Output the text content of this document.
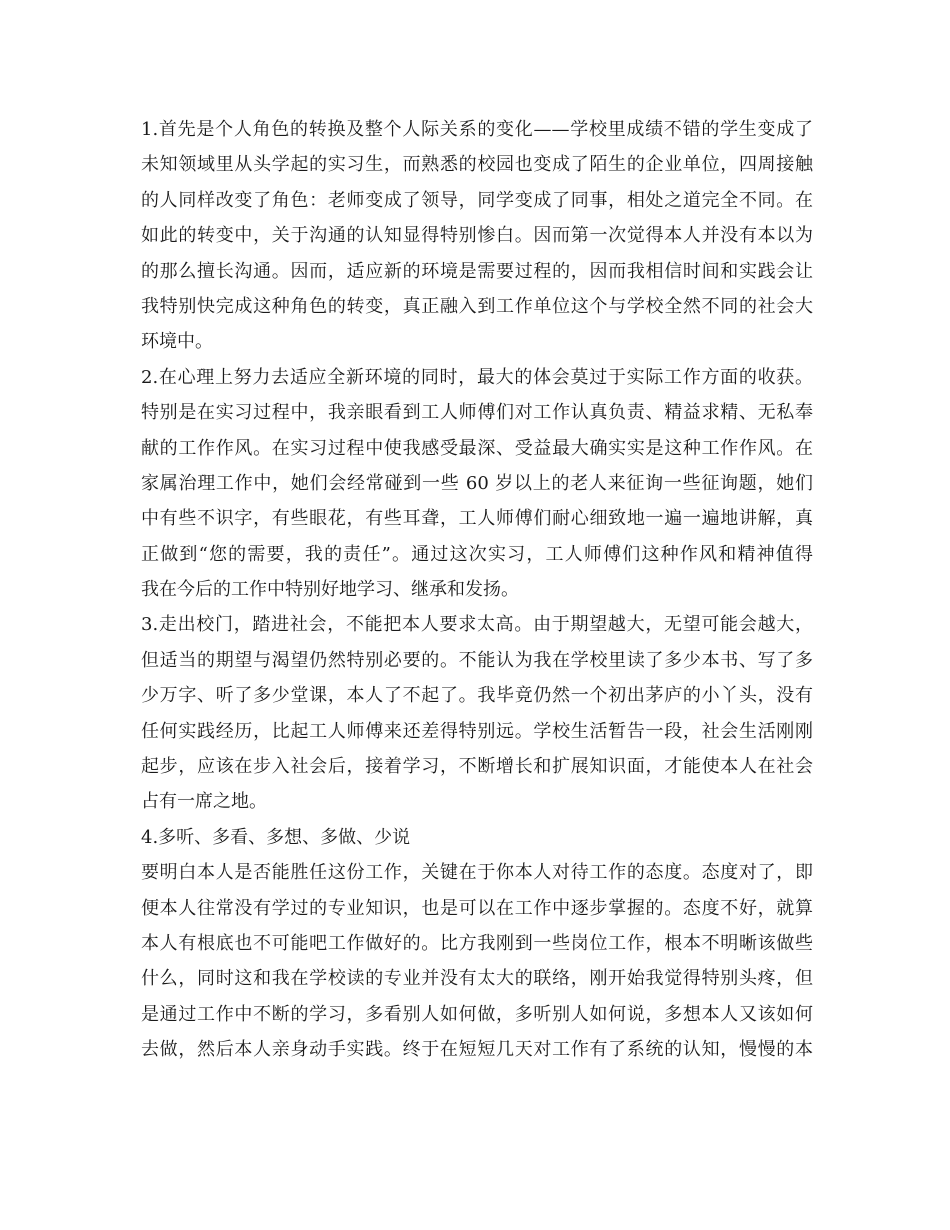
1.首先是个人角色的转换及整个人际关系的变化——学校里成绩不错的学生变成了
未知领域里从头学起的实习生，而熟悉的校园也变成了陌生的企业单位，四周接触
的人同样改变了角色：老师变成了领导，同学变成了同事，相处之道完全不同。在
如此的转变中，关于沟通的认知显得特别惨白。因而第一次觉得本人并没有本以为
的那么擅长沟通。因而，适应新的环境是需要过程的，因而我相信时间和实践会让
我特别快完成这种角色的转变，真正融入到工作单位这个与学校全然不同的社会大
环境中。
2.在心理上努力去适应全新环境的同时，最大的体会莫过于实际工作方面的收获。
特别是在实习过程中，我亲眼看到工人师傅们对工作认真负责、精益求精、无私奉
献的工作作风。在实习过程中使我感受最深、受益最大确实实是这种工作作风。在
家属治理工作中，她们会经常碰到一些 60 岁以上的老人来征询一些征询题，她们
中有些不识字，有些眼花，有些耳聋，工人师傅们耐心细致地一遍一遍地讲解，真
正做到“您的需要，我的责任”。通过这次实习，工人师傅们这种作风和精神值得
我在今后的工作中特别好地学习、继承和发扬。
3.走出校门，踏进社会，不能把本人要求太高。由于期望越大，无望可能会越大，
但适当的期望与渴望仍然特别必要的。不能认为我在学校里读了多少本书、写了多
少万字、听了多少堂课，本人了不起了。我毕竟仍然一个初出茅庐的小丫头，没有
任何实践经历，比起工人师傅来还差得特别远。学校生活暂告一段，社会生活刚刚
起步，应该在步入社会后，接着学习，不断增长和扩展知识面，才能使本人在社会
占有一席之地。
4.多听、多看、多想、多做、少说
要明白本人是否能胜任这份工作，关键在于你本人对待工作的态度。态度对了，即
便本人往常没有学过的专业知识，也是可以在工作中逐步掌握的。态度不好，就算
本人有根底也不可能吧工作做好的。比方我刚到一些岗位工作，根本不明晰该做些
什么，同时这和我在学校读的专业并没有太大的联络，刚开始我觉得特别头疼，但
是通过工作中不断的学习，多看别人如何做，多听别人如何说，多想本人又该如何
去做，然后本人亲身动手实践。终于在短短几天对工作有了系统的认知，慢慢的本
